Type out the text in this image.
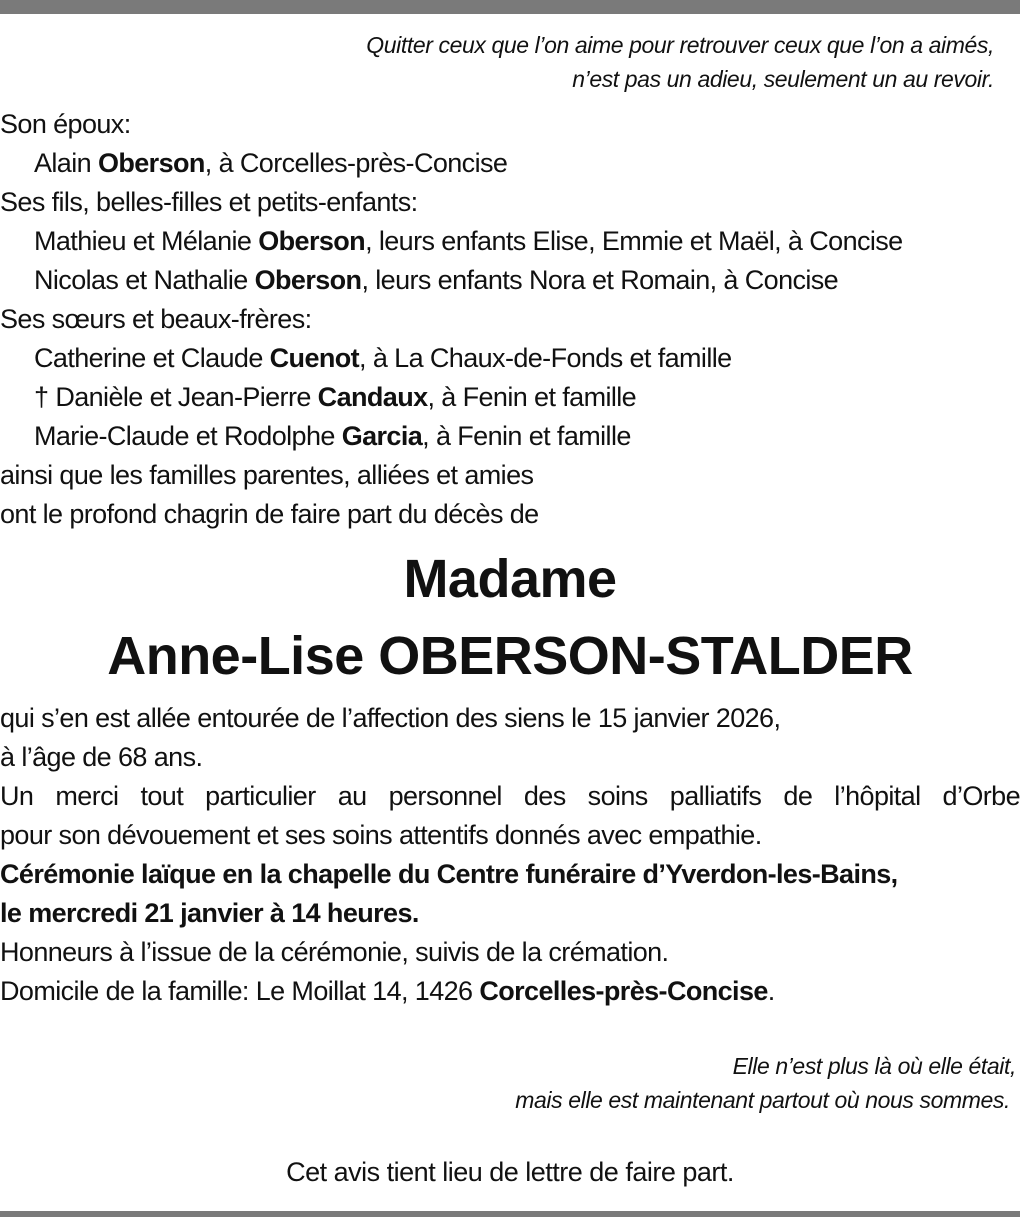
Quitter ceux que l’on aime pour retrouver ceux que l’on a aimés,
n’est pas un adieu, seulement un au revoir.
Son époux:
Alain Oberson, à Corcelles-près-Concise
Ses fils, belles-filles et petits-enfants:
Mathieu et Mélanie Oberson, leurs enfants Elise, Emmie et Maël, à Concise
Nicolas et Nathalie Oberson, leurs enfants Nora et Romain, à Concise
Ses sœurs et beaux-frères:
Catherine et Claude Cuenot, à La Chaux-de-Fonds et famille
† Danièle et Jean-Pierre Candaux, à Fenin et famille
Marie-Claude et Rodolphe Garcia, à Fenin et famille
ainsi que les familles parentes, alliées et amies
ont le profond chagrin de faire part du décès de
Madame
Anne-Lise OBERSON-STALDER
qui s’en est allée entourée de l’affection des siens le 15 janvier 2026,
à l’âge de 68 ans.
Un merci tout particulier au personnel des soins palliatifs de l’hôpital d’Orbe
pour son dévouement et ses soins attentifs donnés avec empathie.
Cérémonie laïque en la chapelle du Centre funéraire d’Yverdon-les-Bains,
le mercredi 21 janvier à 14 heures.
Honneurs à l’issue de la cérémonie, suivis de la crémation.
Domicile de la famille: Le Moillat 14, 1426 Corcelles-près-Concise.
Elle n’est plus là où elle était,
mais elle est maintenant partout où nous sommes.
Cet avis tient lieu de lettre de faire part.
